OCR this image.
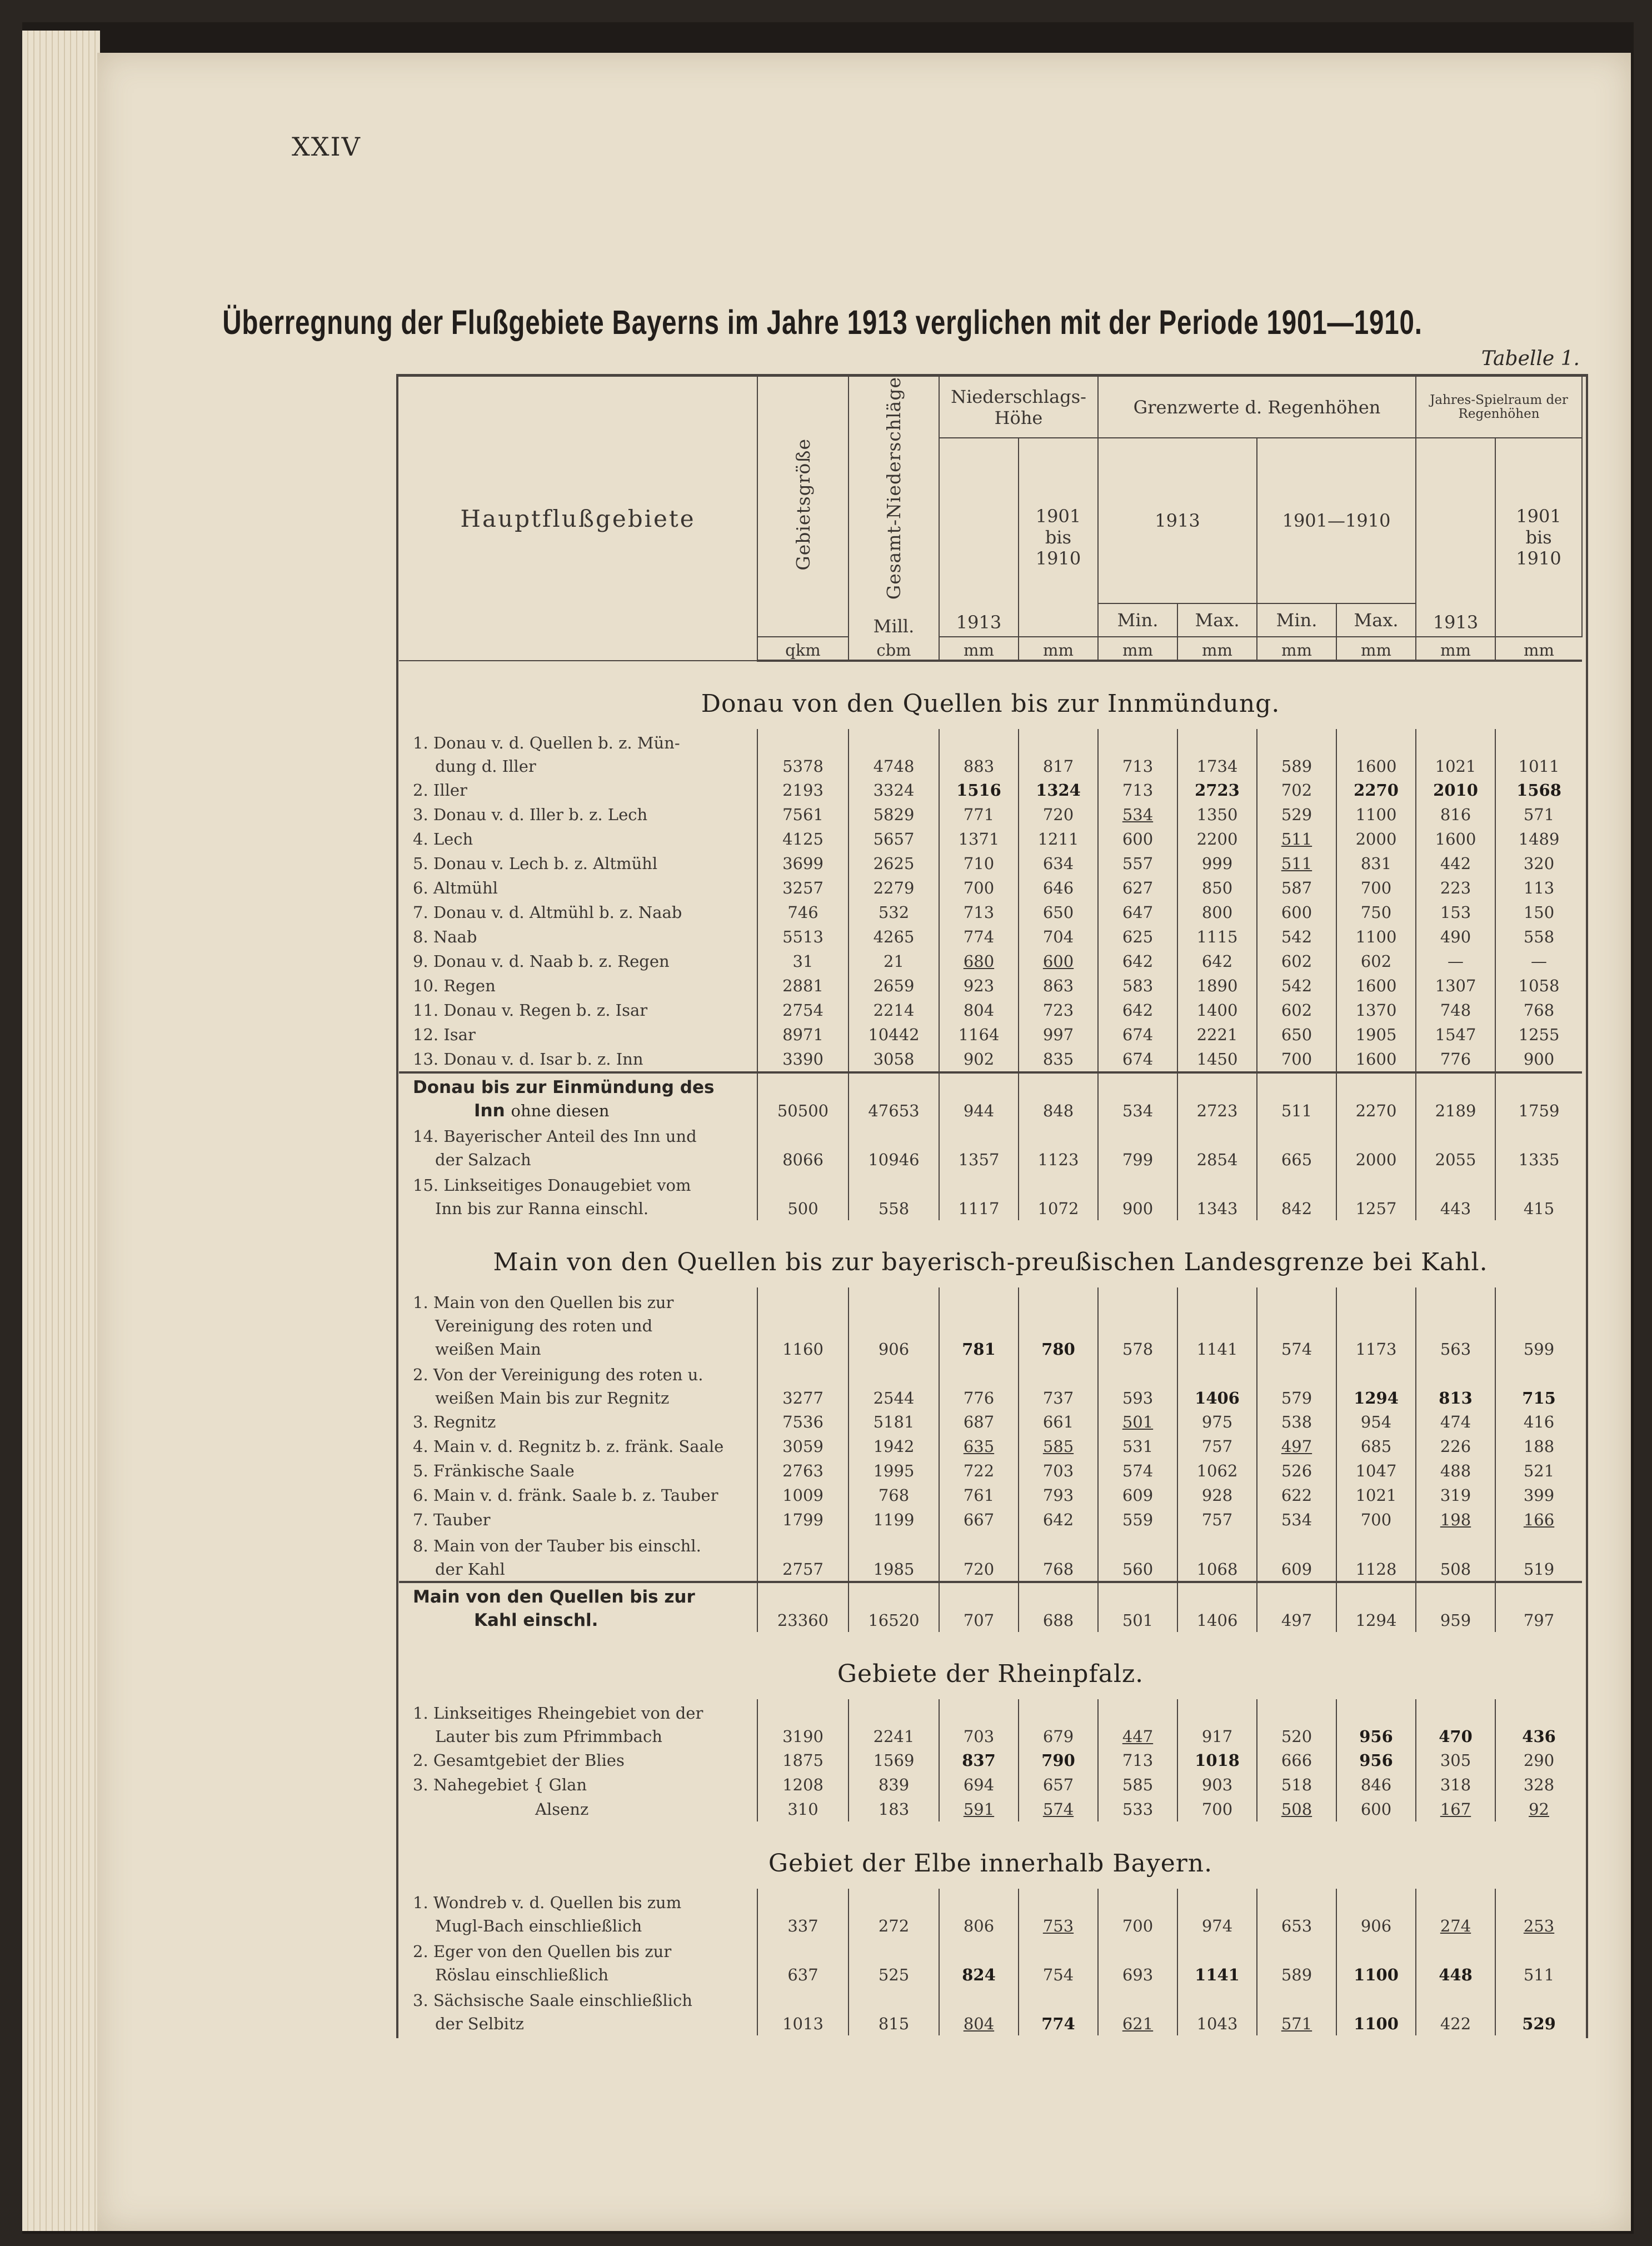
XXIV
Überregnung der Flußgebiete Bayerns im Jahre 1913 verglichen mit der Periode 1901—1910.
Tabelle 1.
Hauptflußgebiete	Gebietsgröße	Gesamt-Niederschläge	Niederschlags-Höhe		Grenzwerte d. Regenhöhen				Jahres-Spielraum der Regenhöhen	
			1913	1901 bis 1910	1913		1901—1910		1913	1901 bis 1910
		Mill.			Min.	Max.	Min.	Max.		
	qkm	cbm	mm	mm	mm	mm	mm	mm	mm	mm
Donau von den Quellen bis zur Innmündung.										

1. Donau v. d. Quellen b. z. Mün-
dung d. Iller	5378	4748	883	817	713	1734	589	1600	1021	1011

2. Iller	2193	3324	1516	1324	713	2723	702	2270	2010	1568

3. Donau v. d. Iller b. z. Lech	7561	5829	771	720	534	1350	529	1100	816	571

4. Lech	4125	5657	1371	1211	600	2200	511	2000	1600	1489

5. Donau v. Lech b. z. Altmühl	3699	2625	710	634	557	999	511	831	442	320

6. Altmühl	3257	2279	700	646	627	850	587	700	223	113

7. Donau v. d. Altmühl b. z. Naab	746	532	713	650	647	800	600	750	153	150

8. Naab	5513	4265	774	704	625	1115	542	1100	490	558

9. Donau v. d. Naab b. z. Regen	31	21	680	600	642	642	602	602	—	—

10. Regen	2881	2659	923	863	583	1890	542	1600	1307	1058

11. Donau v. Regen b. z. Isar	2754	2214	804	723	642	1400	602	1370	748	768

12. Isar	8971	10442	1164	997	674	2221	650	1905	1547	1255

13. Donau v. d. Isar b. z. Inn	3390	3058	902	835	674	1450	700	1600	776	900

Donau bis zur Einmündung des
Inn ohne diesen	50500	47653	944	848	534	2723	511	2270	2189	1759

14. Bayerischer Anteil des Inn und
der Salzach	8066	10946	1357	1123	799	2854	665	2000	2055	1335

15. Linkseitiges Donaugebiet vom
Inn bis zur Ranna einschl.	500	558	1117	1072	900	1343	842	1257	443	415
Main von den Quellen bis zur bayerisch-preußischen Landesgrenze bei Kahl.										

1. Main von den Quellen bis zur
Vereinigung des roten und
weißen Main	1160	906	781	780	578	1141	574	1173	563	599

2. Von der Vereinigung des roten u.
weißen Main bis zur Regnitz	3277	2544	776	737	593	1406	579	1294	813	715

3. Regnitz	7536	5181	687	661	501	975	538	954	474	416

4. Main v. d. Regnitz b. z. fränk. Saale	3059	1942	635	585	531	757	497	685	226	188

5. Fränkische Saale	2763	1995	722	703	574	1062	526	1047	488	521

6. Main v. d. fränk. Saale b. z. Tauber	1009	768	761	793	609	928	622	1021	319	399

7. Tauber	1799	1199	667	642	559	757	534	700	198	166

8. Main von der Tauber bis einschl.
der Kahl	2757	1985	720	768	560	1068	609	1128	508	519

Main von den Quellen bis zur
Kahl einschl.	23360	16520	707	688	501	1406	497	1294	959	797
Gebiete der Rheinpfalz.										

1. Linkseitiges Rheingebiet von der
Lauter bis zum Pfrimmbach	3190	2241	703	679	447	917	520	956	470	436

2. Gesamtgebiet der Blies	1875	1569	837	790	713	1018	666	956	305	290

3. Nahegebiet { Glan	1208	839	694	657	585	903	518	846	318	328

Alsenz	310	183	591	574	533	700	508	600	167	92
Gebiet der Elbe innerhalb Bayern.										

1. Wondreb v. d. Quellen bis zum
Mugl-Bach einschließlich	337	272	806	753	700	974	653	906	274	253

2. Eger von den Quellen bis zur
Röslau einschließlich	637	525	824	754	693	1141	589	1100	448	511

3. Sächsische Saale einschließlich
der Selbitz	1013	815	804	774	621	1043	571	1100	422	529
